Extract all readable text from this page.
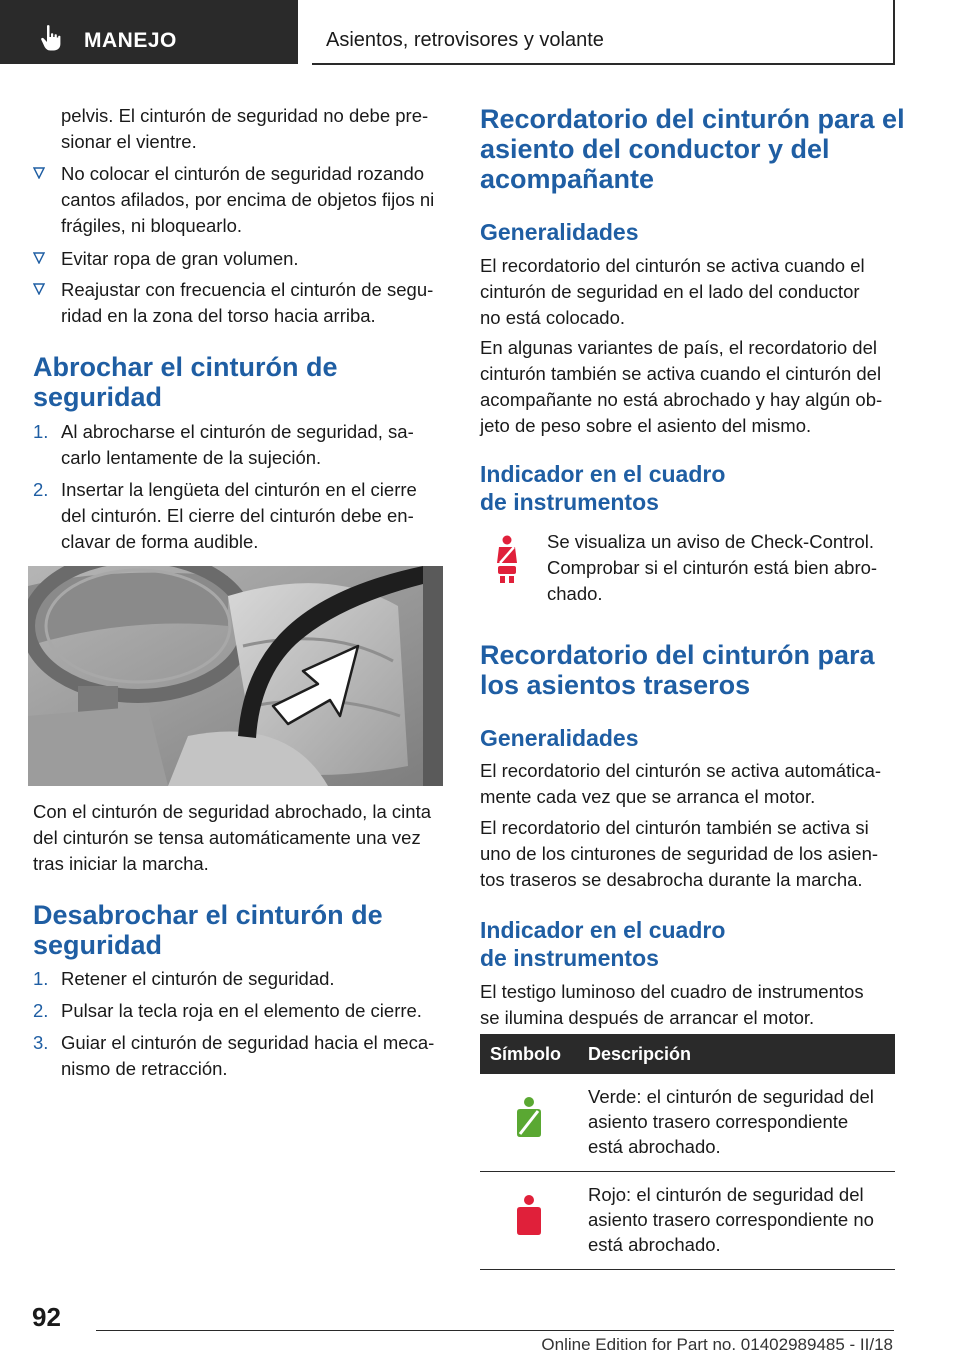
MANEJO	Asientos, retrovisores y volante
pelvis. El cinturón de seguridad no debe pre-
sionar el vientre.
No colocar el cinturón de seguridad rozando
cantos afilados, por encima de objetos fijos ni
frágiles, ni bloquearlo.
Evitar ropa de gran volumen.
Reajustar con frecuencia el cinturón de segu-
ridad en la zona del torso hacia arriba.
Abrochar el cinturón de
seguridad
1. Al abrocharse el cinturón de seguridad, sa-
carlo lentamente de la sujeción.
2. Insertar la lengüeta del cinturón en el cierre
del cinturón. El cierre del cinturón debe en-
clavar de forma audible.
Con el cinturón de seguridad abrochado, la cinta
del cinturón se tensa automáticamente una vez
tras iniciar la marcha.
Desabrochar el cinturón de
seguridad
1. Retener el cinturón de seguridad.
2. Pulsar la tecla roja en el elemento de cierre.
3. Guiar el cinturón de seguridad hacia el meca-
nismo de retracción.
Recordatorio del cinturón para el
asiento del conductor y del
acompañante
Generalidades
El recordatorio del cinturón se activa cuando el
cinturón de seguridad en el lado del conductor
no está colocado.
En algunas variantes de país, el recordatorio del
cinturón también se activa cuando el cinturón del
acompañante no está abrochado y hay algún ob-
jeto de peso sobre el asiento del mismo.
Indicador en el cuadro
de instrumentos
Se visualiza un aviso de Check-Control.
Comprobar si el cinturón está bien abro-
chado.
Recordatorio del cinturón para
los asientos traseros
Generalidades
El recordatorio del cinturón se activa automática-
mente cada vez que se arranca el motor.
El recordatorio del cinturón también se activa si
uno de los cinturones de seguridad de los asien-
tos traseros se desabrocha durante la marcha.
Indicador en el cuadro
de instrumentos
El testigo luminoso del cuadro de instrumentos
se ilumina después de arrancar el motor.
Símbolo	Descripción

Verde: el cinturón de seguridad del
asiento trasero correspondiente
está abrochado.

Rojo: el cinturón de seguridad del
asiento trasero correspondiente no
está abrochado.
92
Online Edition for Part no. 01402989485 - II/18
